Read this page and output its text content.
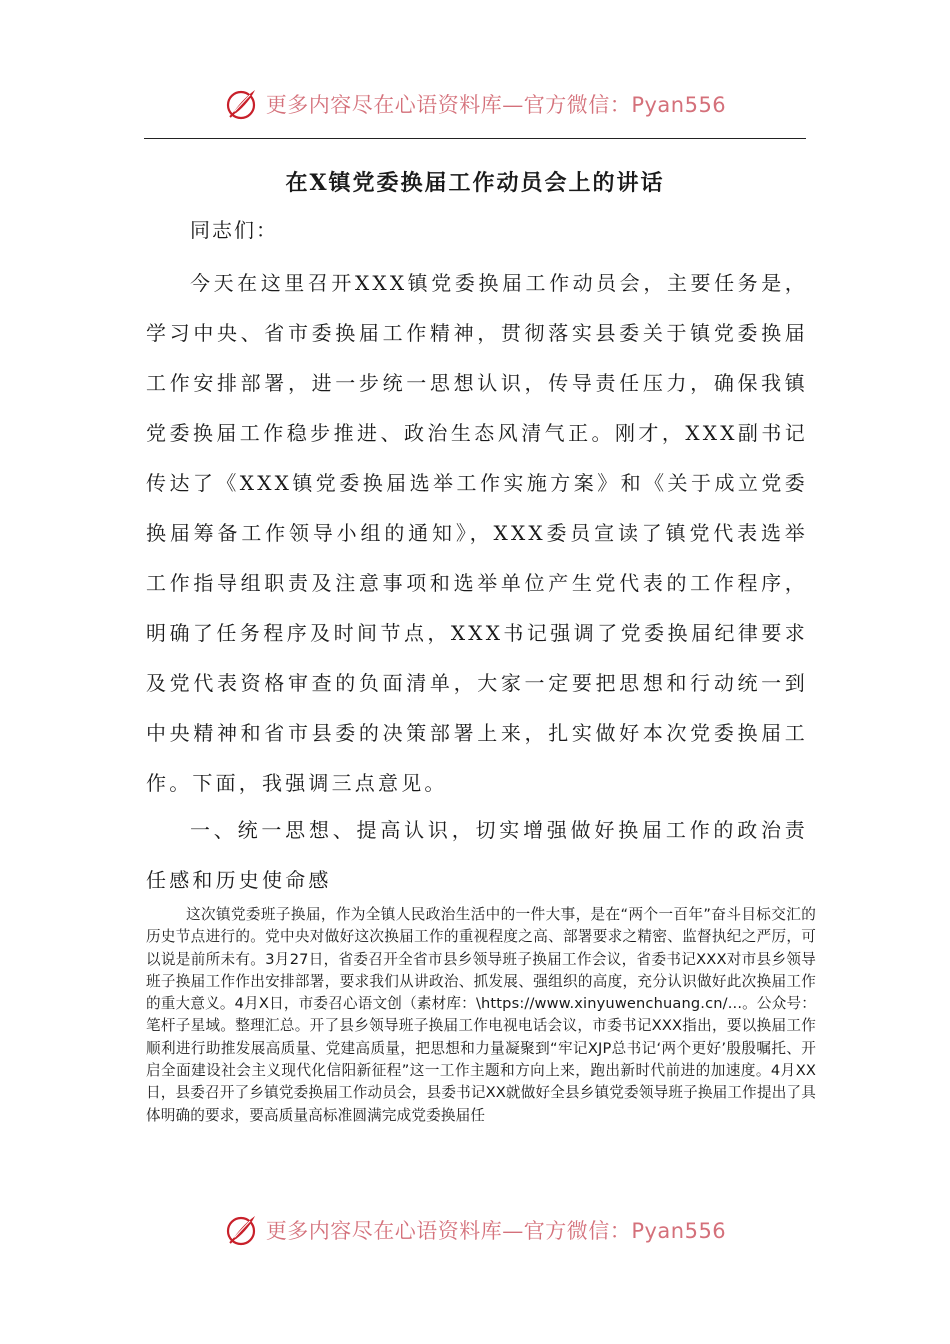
更多内容尽在心语资料库—官方微信：Pyan556
在X镇党委换届工作动员会上的讲话

同志们：

今天在这里召开XXX镇党委换届工作动员会，主要任务是，学习中央、省市委换届工作精神，贯彻落实县委关于镇党委换届工作安排部署，进一步统一思想认识，传导责任压力，确保我镇党委换届工作稳步推进、政治生态风清气正。刚才，XXX副书记传达了《XXX镇党委换届选举工作实施方案》和《关于成立党委换届筹备工作领导小组的通知》，XXX委员宣读了镇党代表选举工作指导组职责及注意事项和选举单位产生党代表的工作程序，明确了任务程序及时间节点，XXX书记强调了党委换届纪律要求及党代表资格审查的负面清单，大家一定要把思想和行动统一到中央精神和省市县委的决策部署上来，扎实做好本次党委换届工作。下面，我强调三点意见。

一、统一思想、提高认识，切实增强做好换届工作的政治责任感和历史使命感

这次镇党委班子换届，作为全镇人民政治生活中的一件大事，是在“两个一百年”奋斗目标交汇的历史节点进行的。党中央对做好这次换届工作的重视程度之高、部署要求之精密、监督执纪之严厉，可以说是前所未有。3月27日，省委召开全省市县乡领导班子换届工作会议，省委书记XXX对市县乡领导班子换届工作作出安排部署，要求我们从讲政治、抓发展、强组织的高度，充分认识做好此次换届工作的重大意义。4月X日，市委召心语文创（素材库：\https://www.xinyuwenchuang.cn/...。公众号：笔杆子星域。整理汇总。开了县乡领导班子换届工作电视电话会议，市委书记XXX指出，要以换届工作顺利进行助推发展高质量、党建高质量，把思想和力量凝聚到“牢记XJP总书记‘两个更好’殷殷嘱托、开启全面建设社会主义现代化信阳新征程”这一工作主题和方向上来，跑出新时代前进的加速度。4月XX日，县委召开了乡镇党委换届工作动员会，县委书记XX就做好全县乡镇党委领导班子换届工作提出了具体明确的要求，要高质量高标准圆满完成党委换届任

更多内容尽在心语资料库—官方微信：Pyan556
